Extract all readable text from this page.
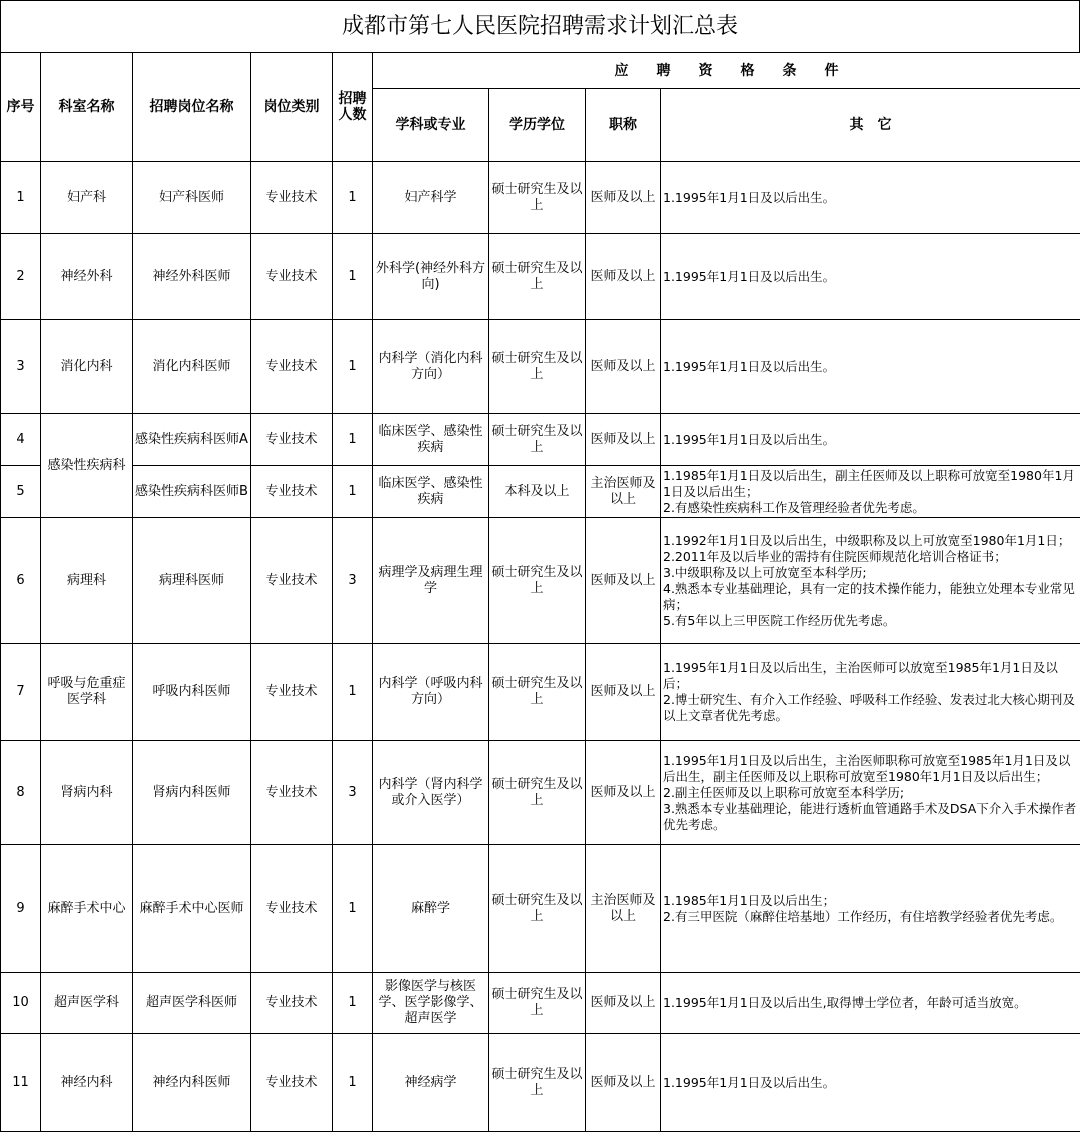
成都市第七人民医院招聘需求计划汇总表
序号	科室名称	招聘岗位名称	岗位类别	招聘人数	应　　聘　　资　　格　　条　　件			
					学科或专业	学历学位	职称	其　它
1	妇产科	妇产科医师	专业技术	1	妇产科学	硕士研究生及以上	医师及以上	1.1995年1月1日及以后出生。

2	神经外科	神经外科医师	专业技术	1	外科学(神经外科方向)	硕士研究生及以上	医师及以上	1.1995年1月1日及以后出生。

3	消化内科	消化内科医师	专业技术	1	内科学（消化内科方向）	硕士研究生及以上	医师及以上	1.1995年1月1日及以后出生。

4	感染性疾病科	感染性疾病科医师A	专业技术	1	临床医学、感染性疾病	硕士研究生及以上	医师及以上	1.1995年1月1日及以后出生。

5		感染性疾病科医师B	专业技术	1	临床医学、感染性疾病	本科及以上	主治医师及以上	1.1985年1月1日及以后出生，副主任医师及以上职称可放宽至1980年1月1日及以后出生；
2.有感染性疾病科工作及管理经验者优先考虑。

6	病理科	病理科医师	专业技术	3	病理学及病理生理学	硕士研究生及以上	医师及以上	1.1992年1月1日及以后出生，中级职称及以上可放宽至1980年1月1日；
2.2011年及以后毕业的需持有住院医师规范化培训合格证书；
3.中级职称及以上可放宽至本科学历;
4.熟悉本专业基础理论，具有一定的技术操作能力，能独立处理本专业常见病；
5.有5年以上三甲医院工作经历优先考虑。

7	呼吸与危重症医学科	呼吸内科医师	专业技术	1	内科学（呼吸内科方向）	硕士研究生及以上	医师及以上	1.1995年1月1日及以后出生，主治医师可以放宽至1985年1月1日及以后；
2.博士研究生、有介入工作经验、呼吸科工作经验、发表过北大核心期刊及以上文章者优先考虑。

8	肾病内科	肾病内科医师	专业技术	3	内科学（肾内科学或介入医学）	硕士研究生及以上	医师及以上	1.1995年1月1日及以后出生，主治医师职称可放宽至1985年1月1日及以后出生，副主任医师及以上职称可放宽至1980年1月1日及以后出生；
2.副主任医师及以上职称可放宽至本科学历;
3.熟悉本专业基础理论，能进行透析血管通路手术及DSA下介入手术操作者优先考虑。

9	麻醉手术中心	麻醉手术中心医师	专业技术	1	麻醉学	硕士研究生及以上	主治医师及以上	1.1985年1月1日及以后出生；
2.有三甲医院（麻醉住培基地）工作经历，有住培教学经验者优先考虑。

10	超声医学科	超声医学科医师	专业技术	1	影像医学与核医学、医学影像学、超声医学	硕士研究生及以上	医师及以上	1.1995年1月1日及以后出生,取得博士学位者，年龄可适当放宽。

11	神经内科	神经内科医师	专业技术	1	神经病学	硕士研究生及以上	医师及以上	1.1995年1月1日及以后出生。
